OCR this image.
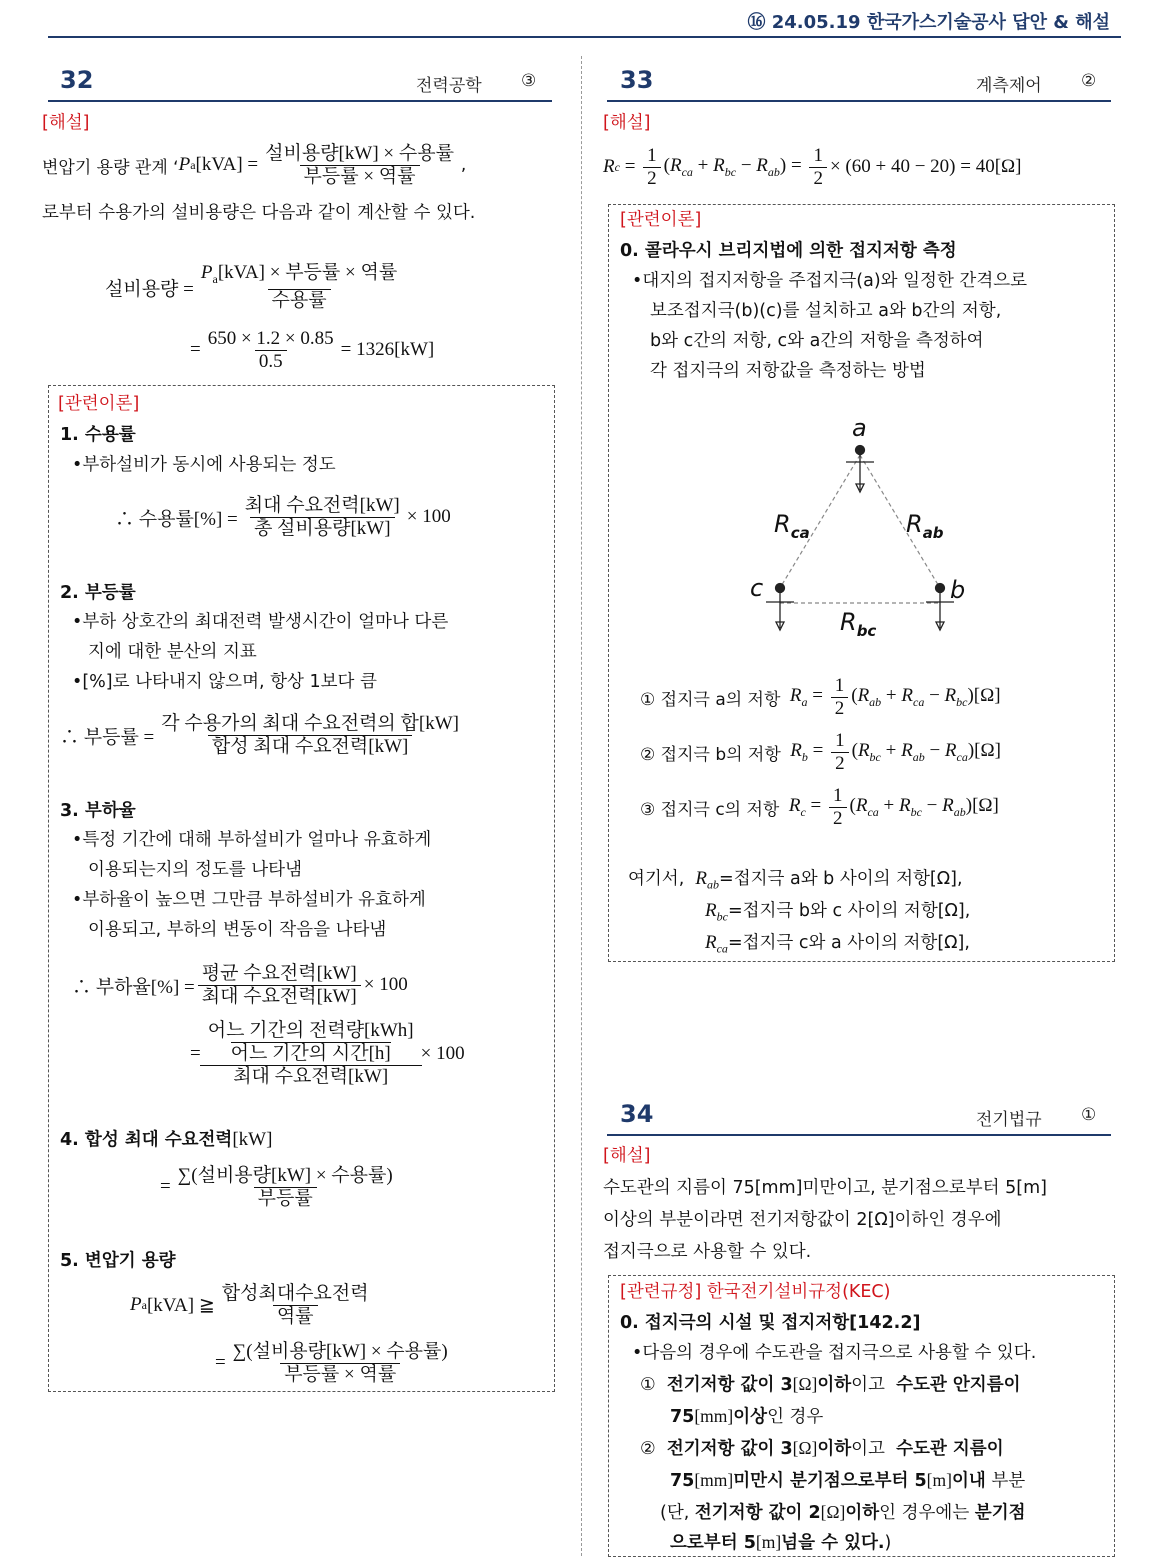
⑯ 24.05.19 한국가스기술공사 답안 & 해설
32	전력공학 ③
[해설]
변압기 용량 관계 ‘ P a $[kVA] = \frac{\text{설비용량[kW] × 수용률}}{\text{부등률 × 역률}}$ ,
로부터 수용가의 설비용량은 다음과 같이 계산할 수 있다.
설비용량 = $\frac{P_a[kVA] \times 부등률 \times 역률}{\text{수용률}}$
= $\frac{650 \times 1.2 \times 0.85}{0.5} = 1326[kW]$
[관련이론]
1. 수용률
•부하설비가 동시에 사용되는 정도
∴ 수용률[%] = $\frac{\text{최대 수요전력[kW]}}{\text{총 설비용량[kW]}} \times 100$
2. 부등률
•부하 상호간의 최대전력 발생시간이 얼마나 다른
지에 대한 분산의 지표
•[%]로 나타내지 않으며, 항상 1보다 큼
∴ 부등률 = $\frac{\text{각 수용가의 최대 수요전력의 합[kW]}}{\text{합성 최대 수요전력[kW]}}$
3. 부하율
•특정 기간에 대해 부하설비가 얼마나 유효하게
이용되는지의 정도를 나타냄
•부하율이 높으면 그만큼 부하설비가 유효하게
이용되고, 부하의 변동이 작음을 나타냄
∴ 부하율[%] = $\frac{\text{평균 수요전력[kW]}}{\text{최대 수요전력[kW]}} \times 100$
= 어느 기간의 전력량[kWh]
어느 기간의 시간[h]
최대 수요전력[kW] × 100
4. 합성 최대 수요전력[kW]
= $\frac{\text{∑(설비용량[kW] × 수용률)}}{\text{부등률}}$
5. 변압기 용량
P a [kVA] ≧ $\frac{\text{합성최대수요전력}}{\text{역률}}$
= $\frac{\text{∑(설비용량[kW] × 수용률)}}{\text{부등률 × 역률}}$
33	계측제어 ②
[해설]
R $c = \frac{1}{2} (R_{ca} + R_{bc} - R_{ab}) = \frac{1}{2} \times (60 + 40 - 20) = 40[\Omega]$
[관련이론]
0. 콜라우시 브리지법에 의한 접지저항 측정
•대지의 접지저항을 주접지극(a)와 일정한 간격으로
보조접지극(b)(c)를 설치하고 a와 b간의 저항,
b와 c간의 저항, c와 a간의 저항을 측정하여
각 접지극의 저항값을 측정하는 방법
a
c	b
$R_{ca}$	$R_{ab}$
$R_{bc}$
① 접지극 a의 저항 $R_a = \frac{1}{2} (R_{ab} + R_{ca} - R_{bc})[\Omega]$
② 접지극 b의 저항 $R_b = \frac{1}{2} (R_{bc} + R_{ab} - R_{ca})[\Omega]$
③ 접지극 c의 저항 $R_c = \frac{1}{2} (R_{ca} + R_{bc} - R_{ab})[\Omega]$
여기서, $R_{ab}=$접지극 a와 b 사이의 저항[Ω],
$R_{bc}=$접지극 b와 c 사이의 저항[Ω],
$R_{ca}=$접지극 c와 a 사이의 저항[Ω],
34	전기법규 ①
[해설]
수도관의 지름이 75[mm]미만이고, 분기점으로부터 5[m]
이상의 부분이라면 전기저항값이 2[Ω]이하인 경우에
접지극으로 사용할 수 있다.
[관련규정] 한국전기설비규정(KEC)
0. 접지극의 시설 및 접지저항[142.2]
•다음의 경우에 수도관을 접지극으로 사용할 수 있다.
① 전기저항 값이 3[Ω]이하이고 수도관 안지름이
75[mm]이상인 경우
② 전기저항 값이 3[Ω]이하이고 수도관 지름이
75[mm]미만시 분기점으로부터 5[m]이내 부분
(단, 전기저항 값이 2[Ω]이하인 경우에는 분기점
으로부터 5[m]넘을 수 있다.)
